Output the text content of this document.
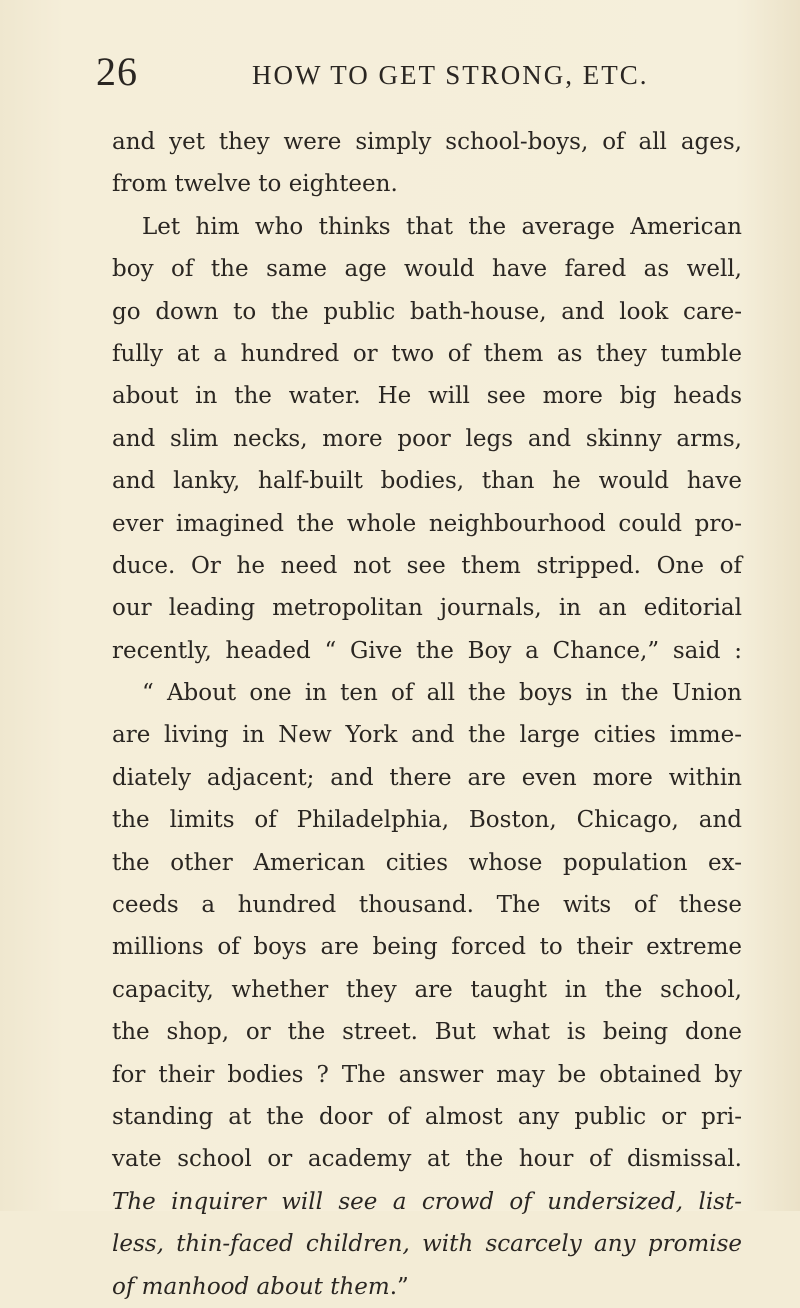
26	HOW TO GET STRONG, ETC.
and yet they were simply school-boys, of all ages,
from twelve to eighteen.
Let him who thinks that the average American
boy of the same age would have fared as well,
go down to the public bath-house, and look care-
fully at a hundred or two of them as they tumble
about in the water. He will see more big heads
and slim necks, more poor legs and skinny arms,
and lanky, half-built bodies, than he would have
ever imagined the whole neighbourhood could pro-
duce. Or he need not see them stripped. One of
our leading metropolitan journals, in an editorial
recently, headed “ Give the Boy a Chance,” said :
“ About one in ten of all the boys in the Union
are living in New York and the large cities imme-
diately adjacent; and there are even more within
the limits of Philadelphia, Boston, Chicago, and
the other American cities whose population ex-
ceeds a hundred thousand. The wits of these
millions of boys are being forced to their extreme
capacity, whether they are taught in the school,
the shop, or the street. But what is being done
for their bodies ? The answer may be obtained by
standing at the door of almost any public or pri-
vate school or academy at the hour of dismissal.
The inquirer will see a crowd of undersized, list-
less, thin-faced children, with scarcely any promise
of manhood about them.”
